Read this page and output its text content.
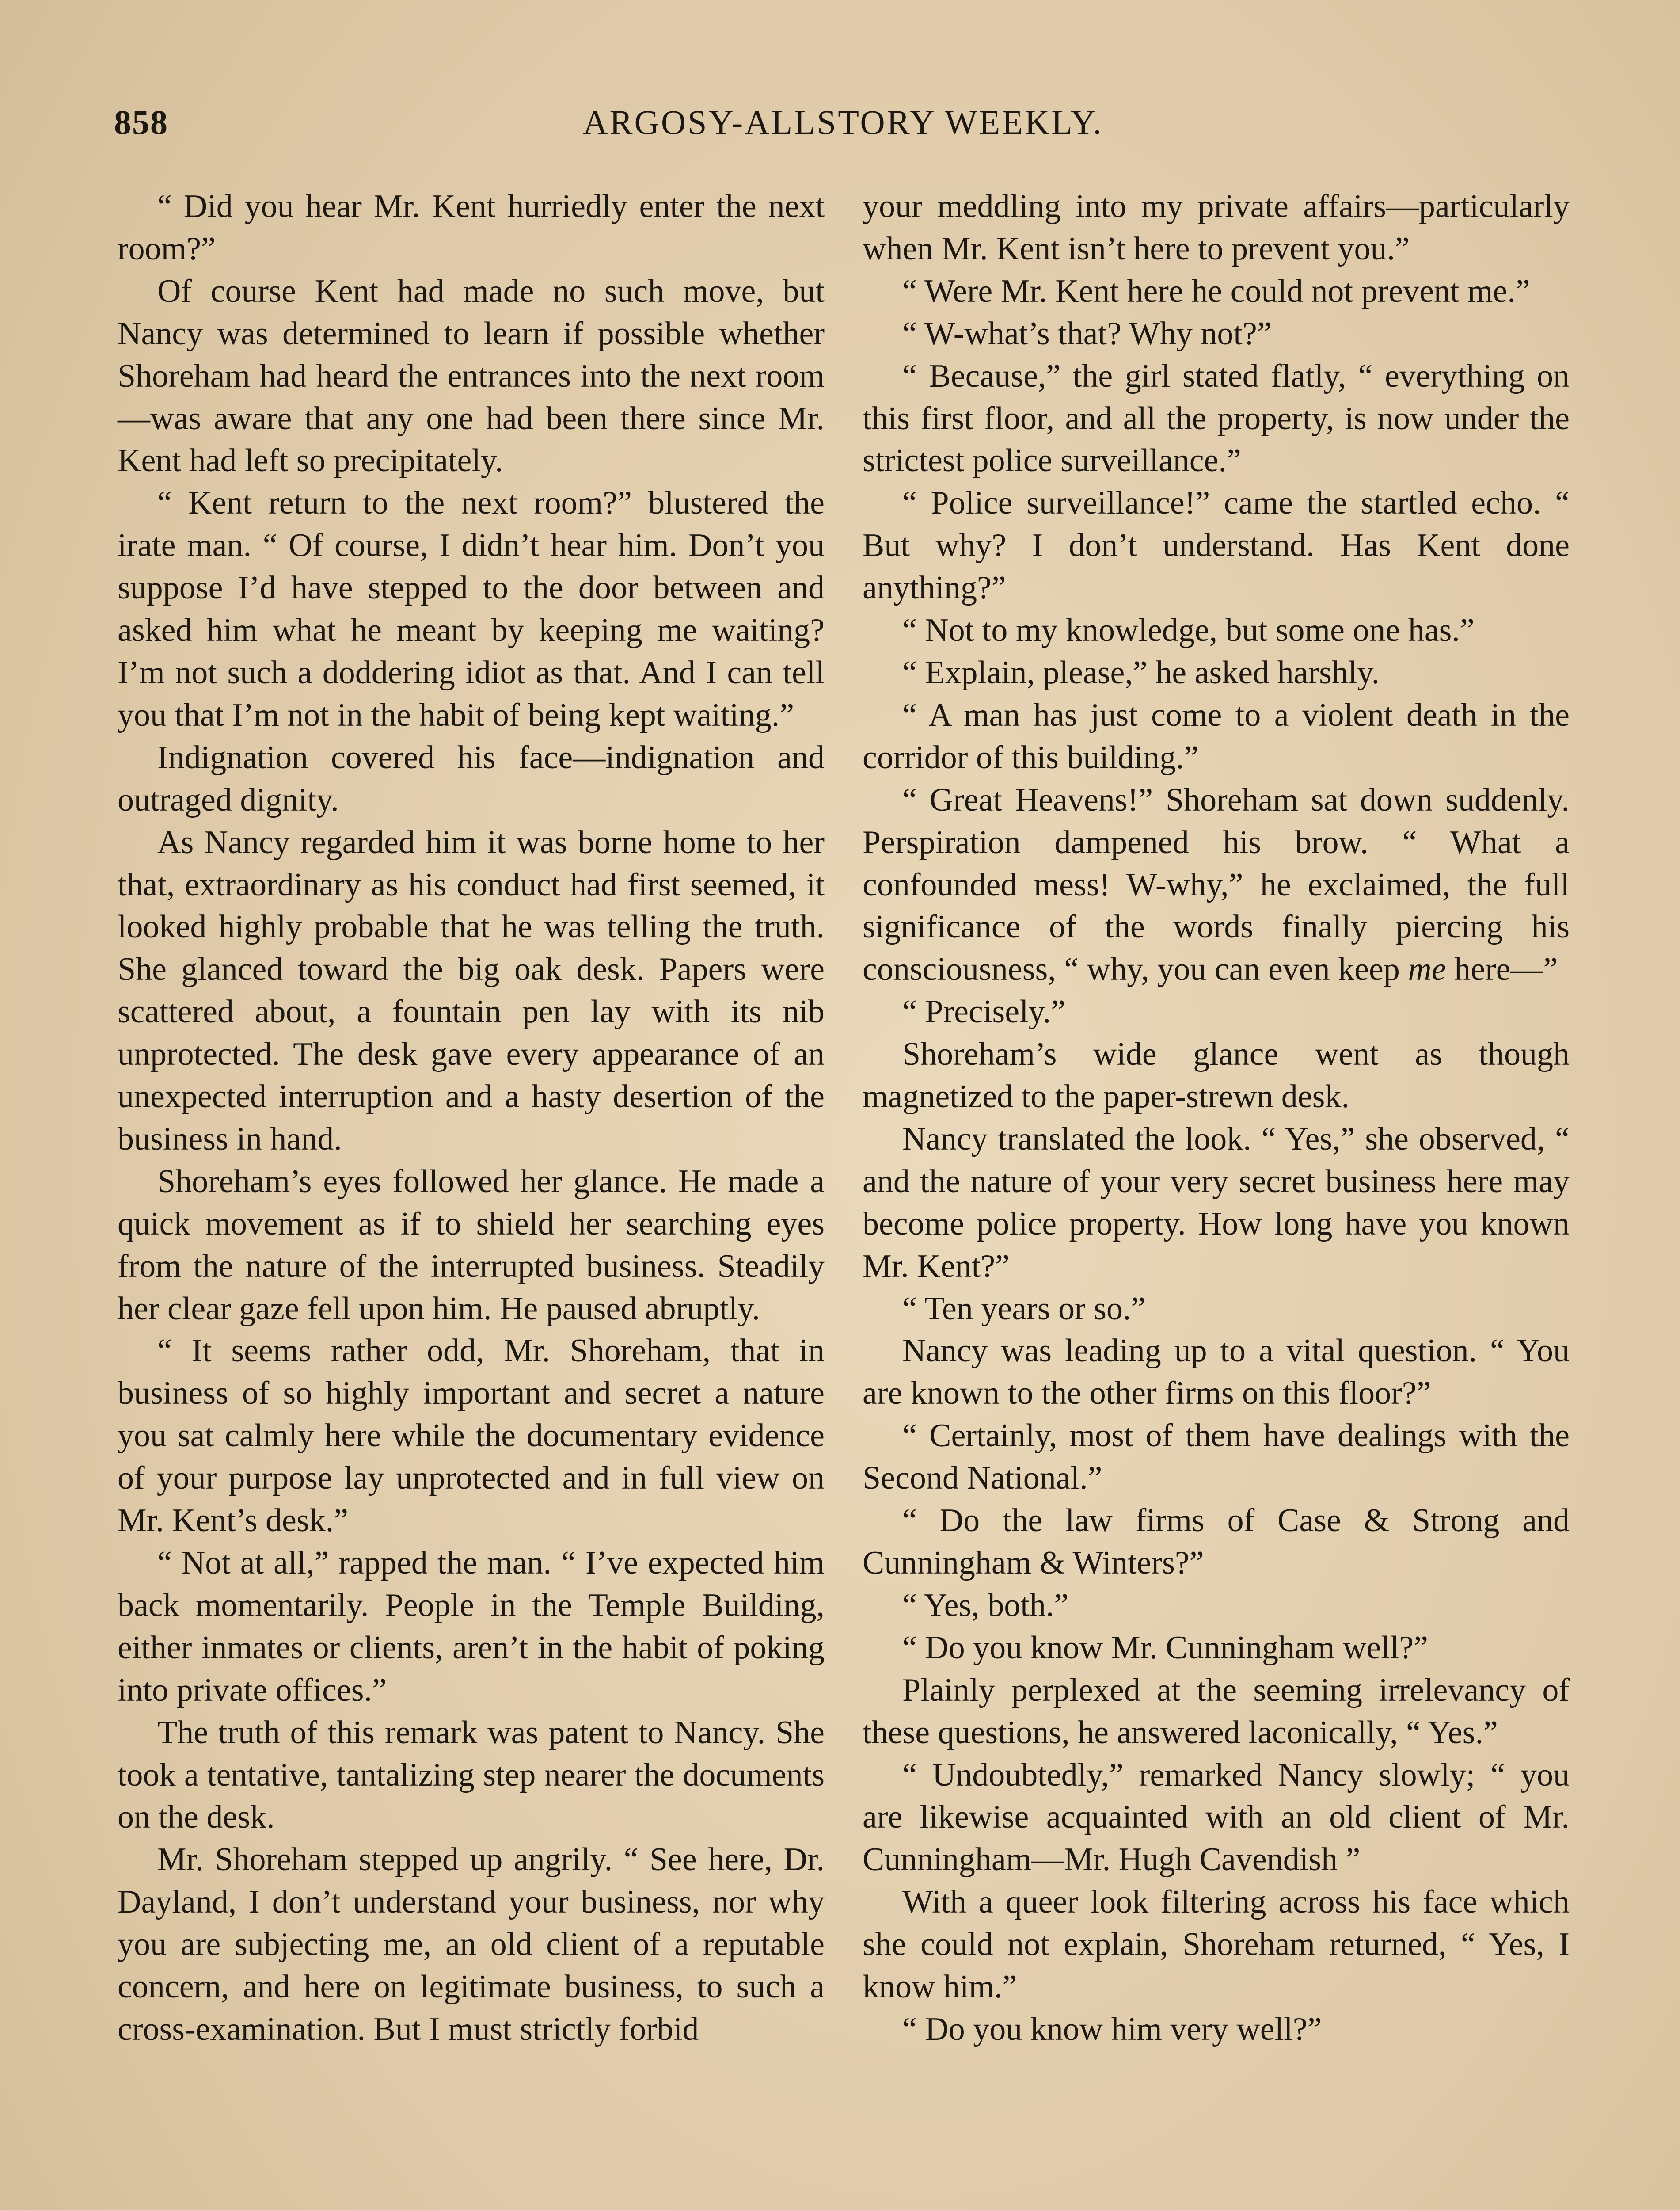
858	ARGOSY-ALLSTORY WEEKLY.

“ Did you hear Mr. Kent hurriedly enter the next room?”

Of course Kent had made no such move, but Nancy was determined to learn if possible whether Shoreham had heard the entrances into the next room—was aware that any one had been there since Mr. Kent had left so precipitately.

“ Kent return to the next room?” blustered the irate man. “ Of course, I didn’t hear him. Don’t you suppose I’d have stepped to the door between and asked him what he meant by keeping me waiting? I’m not such a doddering idiot as that. And I can tell you that I’m not in the habit of being kept waiting.”

Indignation covered his face—indignation and outraged dignity.

As Nancy regarded him it was borne home to her that, extraordinary as his conduct had first seemed, it looked highly probable that he was telling the truth. She glanced toward the big oak desk. Papers were scattered about, a fountain pen lay with its nib unprotected. The desk gave every appearance of an unexpected interruption and a hasty desertion of the business in hand.

Shoreham’s eyes followed her glance. He made a quick movement as if to shield her searching eyes from the nature of the interrupted business. Steadily her clear gaze fell upon him. He paused abruptly.

“ It seems rather odd, Mr. Shoreham, that in business of so highly important and secret a nature you sat calmly here while the documentary evidence of your purpose lay unprotected and in full view on Mr. Kent’s desk.”

“ Not at all,” rapped the man. “ I’ve expected him back momentarily. People in the Temple Building, either inmates or clients, aren’t in the habit of poking into private offices.”

The truth of this remark was patent to Nancy. She took a tentative, tantalizing step nearer the documents on the desk.

Mr. Shoreham stepped up angrily. “ See here, Dr. Dayland, I don’t understand your business, nor why you are subjecting me, an old client of a reputable concern, and here on legitimate business, to such a cross-examination. But I must strictly forbid

your meddling into my private affairs—particularly when Mr. Kent isn’t here to prevent you.”

“ Were Mr. Kent here he could not prevent me.”

“ W-what’s that? Why not?”

“ Because,” the girl stated flatly, “ everything on this first floor, and all the property, is now under the strictest police surveillance.”

“ Police surveillance!” came the startled echo. “ But why? I don’t understand. Has Kent done anything?”

“ Not to my knowledge, but some one has.”

“ Explain, please,” he asked harshly.

“ A man has just come to a violent death in the corridor of this building.”

“ Great Heavens!” Shoreham sat down suddenly. Perspiration dampened his brow. “ What a confounded mess! W-why,” he exclaimed, the full significance of the words finally piercing his consciousness, “ why, you can even keep me here—”

“ Precisely.”

Shoreham’s wide glance went as though magnetized to the paper-strewn desk.

Nancy translated the look. “ Yes,” she observed, “ and the nature of your very secret business here may become police property. How long have you known Mr. Kent?”

“ Ten years or so.”

Nancy was leading up to a vital question. “ You are known to the other firms on this floor?”

“ Certainly, most of them have dealings with the Second National.”

“ Do the law firms of Case & Strong and Cunningham & Winters?”

“ Yes, both.”

“ Do you know Mr. Cunningham well?”

Plainly perplexed at the seeming irrelevancy of these questions, he answered laconically, “ Yes.”

“ Undoubtedly,” remarked Nancy slowly; “ you are likewise acquainted with an old client of Mr. Cunningham—Mr. Hugh Cavendish ”

With a queer look filtering across his face which she could not explain, Shoreham returned, “ Yes, I know him.”

“ Do you know him very well?”
